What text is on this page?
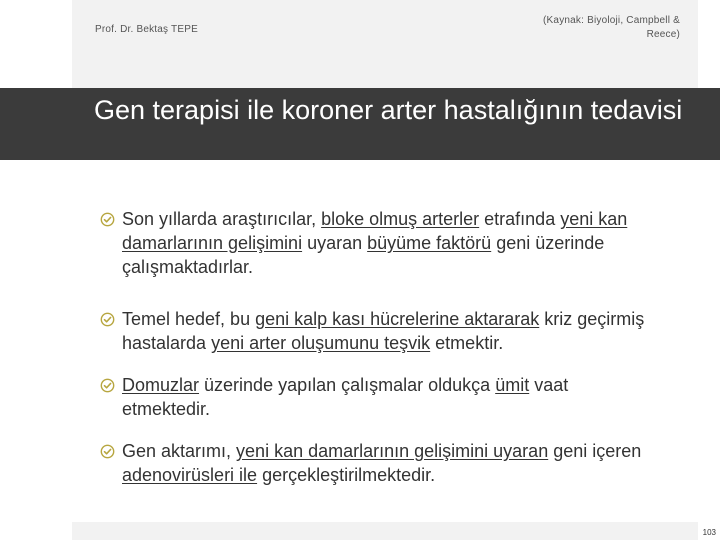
Prof. Dr. Bektaş TEPE
(Kaynak: Biyoloji, Campbell & Reece)
Gen terapisi ile koroner arter hastalığının tedavisi
Son yıllarda araştırıcılar, bloke olmuş arterler etrafında yeni kan damarlarının gelişimini uyaran büyüme faktörü geni üzerinde çalışmaktadırlar.
Temel hedef, bu geni kalp kası hücrelerine aktararak kriz geçirmiş hastalarda yeni arter oluşumunu teşvik etmektir.
Domuzlar üzerinde yapılan çalışmalar oldukça ümit vaat etmektedir.
Gen aktarımı, yeni kan damarlarının gelişimini uyaran geni içeren adenovirüsleri ile gerçekleştirilmektedir.
103
